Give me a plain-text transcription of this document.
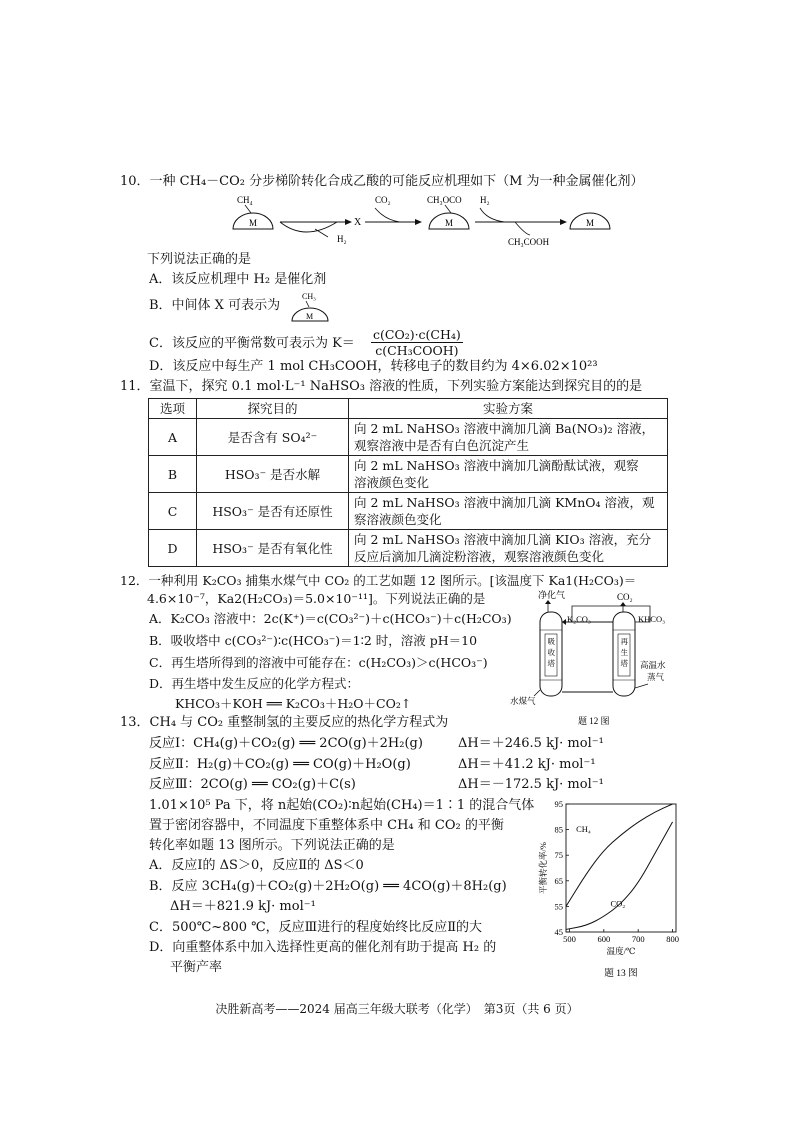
10．一种 CH₄－CO₂ 分步梯阶转化合成乙酸的可能反应机理如下（M 为一种金属催化剂）
CH₄
M
H₂
X
CO₂	CH₃OCO
M
H₂
CH₃COOH
M
下列说法正确的是
A．该反应机理中 H₂ 是催化剂
B．中间体 X 可表示为
CH₃
M
C．该反应的平衡常数可表示为 K＝
c(CO₂)·c(CH₄)
c(CH₃COOH)
D．该反应中每生产 1 mol CH₃COOH，转移电子的数目约为 4×6.02×10²³
11．室温下，探究 0.1 mol·L⁻¹ NaHSO₃ 溶液的性质，下列实验方案能达到探究目的的是
选项	探究目的	实验方案
A	是否含有 SO₄²⁻	向 2 mL NaHSO₃ 溶液中滴加几滴 Ba(NO₃)₂ 溶液，
观察溶液中是否有白色沉淀产生

B	HSO₃⁻ 是否水解	向 2 mL NaHSO₃ 溶液中滴加几滴酚酞试液，观察
溶液颜色变化

C	HSO₃⁻ 是否有还原性	向 2 mL NaHSO₃ 溶液中滴加几滴 KMnO₄ 溶液，观
察溶液颜色变化

D	HSO₃⁻ 是否有氧化性	向 2 mL NaHSO₃ 溶液中滴加几滴 KIO₃ 溶液，充分
反应后滴加几滴淀粉溶液，观察溶液颜色变化
12．一种利用 K₂CO₃ 捕集水煤气中 CO₂ 的工艺如题 12 图所示。[该温度下 Ka1(H₂CO₃)＝
4.6×10⁻⁷，Ka2(H₂CO₃)＝5.0×10⁻¹¹]。下列说法正确的是
A．K₂CO₃ 溶液中：2c(K⁺)＝c(CO₃²⁻)＋c(HCO₃⁻)＋c(H₂CO₃)
B．吸收塔中 c(CO₃²⁻)∶c(HCO₃⁻)＝1∶2 时，溶液 pH＝10
C．再生塔所得到的溶液中可能存在：c(H₂CO₃)＞c(HCO₃⁻)
D．再生塔中发生反应的化学方程式：
KHCO₃＋KOH ══ K₂CO₃＋H₂O＋CO₂↑
净化气
K₂CO₃
CO₂
KHCO₃
吸收塔
水煤气
再生塔 高温水
蒸气
题 12 图
13．CH₄ 与 CO₂ 重整制氢的主要反应的热化学方程式为
反应Ⅰ：CH₄(g)＋CO₂(g) ══ 2CO(g)＋2H₂(g)	ΔH＝＋246.5 kJ· mol⁻¹
反应Ⅱ：H₂(g)＋CO₂(g) ══ CO(g)＋H₂O(g)	ΔH＝＋41.2 kJ· mol⁻¹
反应Ⅲ：2CO(g) ══ CO₂(g)＋C(s)	ΔH＝－172.5 kJ· mol⁻¹
1.01×10⁵ Pa 下，将 n起始(CO₂)∶n起始(CH₄)＝1∶1 的混合气体
置于密闭容器中，不同温度下重整体系中 CH₄ 和 CO₂ 的平衡
转化率如题 13 图所示。下列说法正确的是
A．反应Ⅰ的 ΔS＞0，反应Ⅱ的 ΔS＜0
B．反应 3CH₄(g)＋CO₂(g)＋2H₂O(g) ══ 4CO(g)＋8H₂(g)
ΔH＝＋821.9 kJ· mol⁻¹
C．500℃~800 ℃，反应Ⅲ进行的程度始终比反应Ⅱ的大
D．向重整体系中加入选择性更高的催化剂有助于提高 H₂ 的
平衡产率
45
55
65
75
85
95
500	600	700	800
温度/℃
平衡转化率/%
题 13 图
CH₄
CO₂
决胜新高考——2024 届高三年级大联考（化学）　第3页（共 6 页）
